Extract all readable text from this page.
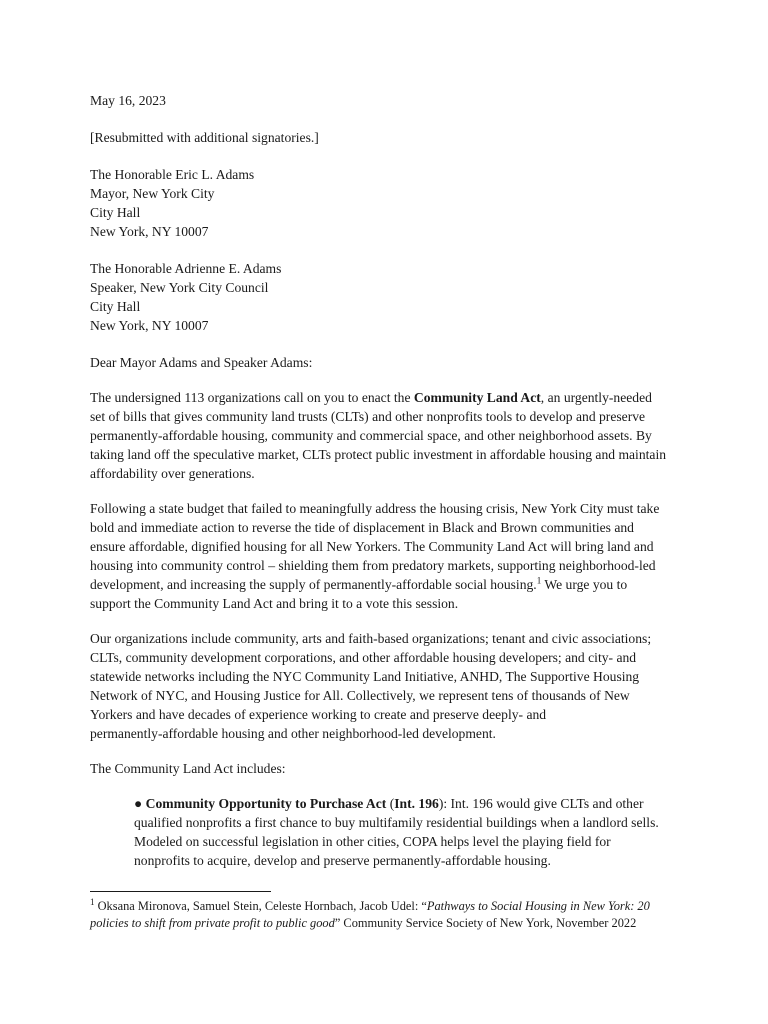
May 16, 2023
[Resubmitted with additional signatories.]
The Honorable Eric L. Adams
Mayor, New York City
City Hall
New York, NY 10007
The Honorable Adrienne E. Adams
Speaker, New York City Council
City Hall
New York, NY 10007
Dear Mayor Adams and Speaker Adams:
The undersigned 113 organizations call on you to enact the Community Land Act, an urgently-needed
set of bills that gives community land trusts (CLTs) and other nonprofits tools to develop and preserve
permanently-affordable housing, community and commercial space, and other neighborhood assets. By
taking land off the speculative market, CLTs protect public investment in affordable housing and maintain
affordability over generations.
Following a state budget that failed to meaningfully address the housing crisis, New York City must take
bold and immediate action to reverse the tide of displacement in Black and Brown communities and
ensure affordable, dignified housing for all New Yorkers. The Community Land Act will bring land and
housing into community control – shielding them from predatory markets, supporting neighborhood-led
development, and increasing the supply of permanently-affordable social housing.$^1$ We urge you to
support the Community Land Act and bring it to a vote this session.
Our organizations include community, arts and faith-based organizations; tenant and civic associations;
CLTs, community development corporations, and other affordable housing developers; and city- and
statewide networks including the NYC Community Land Initiative, ANHD, The Supportive Housing
Network of NYC, and Housing Justice for All. Collectively, we represent tens of thousands of New
Yorkers and have decades of experience working to create and preserve deeply- and
permanently-affordable housing and other neighborhood-led development.
The Community Land Act includes:
● Community Opportunity to Purchase Act (Int. 196): Int. 196 would give CLTs and other
qualified nonprofits a first chance to buy multifamily residential buildings when a landlord sells.
Modeled on successful legislation in other cities, COPA helps level the playing field for
nonprofits to acquire, develop and preserve permanently-affordable housing.
$^1$ Oksana Mironova, Samuel Stein, Celeste Hornbach, Jacob Udel: “Pathways to Social Housing in New York: 20
policies to shift from private profit to public good” Community Service Society of New York, November 2022
